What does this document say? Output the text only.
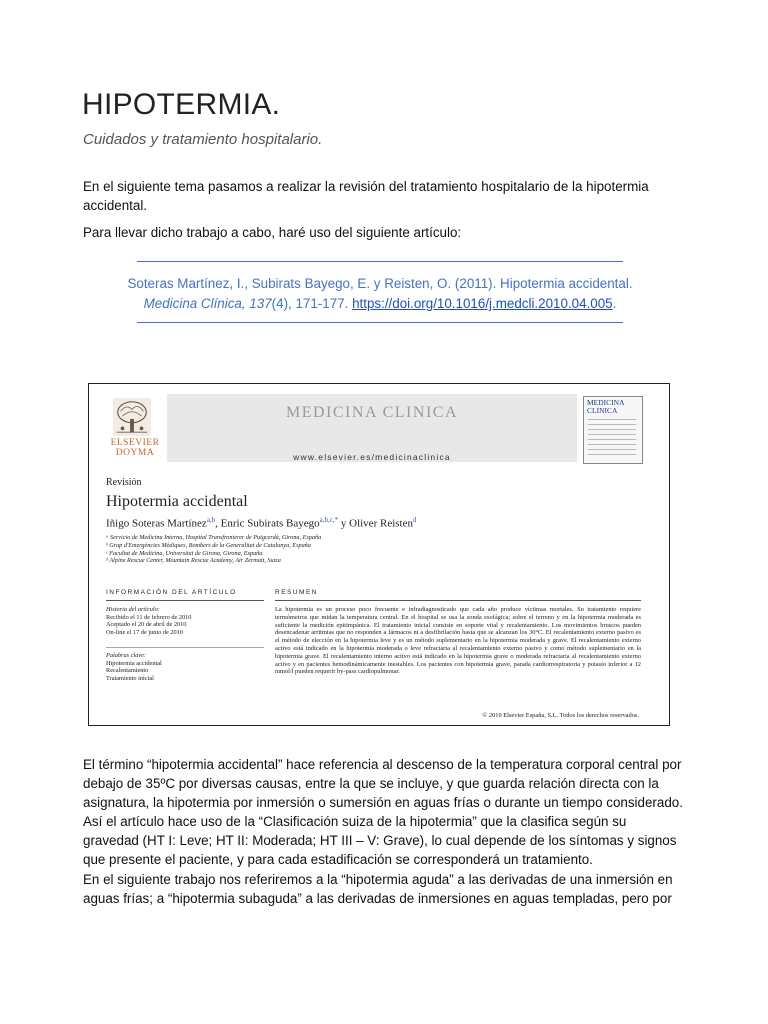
HIPOTERMIA.
Cuidados y tratamiento hospitalario.
En el siguiente tema pasamos a realizar la revisión del tratamiento hospitalario de la hipotermia accidental.
Para llevar dicho trabajo a cabo, haré uso del siguiente artículo:
Soteras Martínez, I., Subirats Bayego, E. y Reisten, O. (2011). Hipotermia accidental.
Medicina Clínica, 137(4), 171-177. https://doi.org/10.1016/j.medcli.2010.04.005.
ELSEVIER DOYMA
MEDICINA CLINICA
www.elsevier.es/medicinaclinica
MEDICINA CLINICA
Revisión
Hipotermia accidental
Iñigo Soteras Martínez$^{a,b}$, Enric Subirats Bayego$^{a,b,c,*}$ y Oliver Reisten$^d$
ᵃ Servicio de Medicina Interna, Hospital Transfronterer de Puigcerdà, Girona, España
ᵇ Grup d'Emergències Mèdiques, Bombers de la Generalitat de Catalunya, España
ᶜ Facultat de Medicina, Universitat de Girona, Girona, España
ᵈ Alpine Rescue Center, Mountain Rescue Academy, Air Zermatt, Suiza
INFORMACIÓN DEL ARTÍCULO	RESUMEN
Historia del artículo:
Recibido el 11 de febrero de 2010
Aceptado el 20 de abril de 2010
On-line el 17 de junio de 2010
Palabras clave:
Hipotermia accidental
Recalentamiento
Tratamiento inicial
La hipotermia es un proceso poco frecuente e infradiagnosticado que cada año produce víctimas mortales. Su tratamiento requiere termómetros que midan la temperatura central. En el hospital se usa la sonda esofágica; sobre el terreno y en la hipotermia moderada es suficiente la medición epitimpánica. El tratamiento inicial consiste en soporte vital y recalentamiento. Los movimientos bruscos pueden desencadenar arritmias que no responden a fármacos ni a desfibrilación hasta que se alcanzan los 30°C. El recalentamiento externo pasivo es el método de elección en la hipotermia leve y es un método suplementario en la hipotermia moderada y grave. El recalentamiento externo activo está indicado en la hipotermia moderada o leve refractaria al recalentamiento externo pasivo y como método suplementario en la hipotermia grave. El recalentamiento interno activo está indicado en la hipotermia grave o moderada refractaria al recalentamiento externo activo y en pacientes hemodinámicamente inestables. Los pacientes con hipotermia grave, parada cardiorrespiratoria y potasio inferior a 12 mmol/l pueden requerir by-pass cardiopulmonar.
© 2010 Elsevier España, S.L. Todos los derechos reservados.
El término “hipotermia accidental” hace referencia al descenso de la temperatura corporal central por debajo de 35ºC por diversas causas, entre la que se incluye, y que guarda relación directa con la asignatura, la hipotermia por inmersión o sumersión en aguas frías o durante un tiempo considerado. Así el artículo hace uso de la “Clasificación suiza de la hipotermia” que la clasifica según su gravedad (HT I: Leve; HT II: Moderada; HT III – V: Grave), lo cual depende de los síntomas y signos que presente el paciente, y para cada estadificación se corresponderá un tratamiento.
En el siguiente trabajo nos referiremos a la “hipotermia aguda” a las derivadas de una inmersión en aguas frías; a “hipotermia subaguda” a las derivadas de inmersiones en aguas templadas, pero por
